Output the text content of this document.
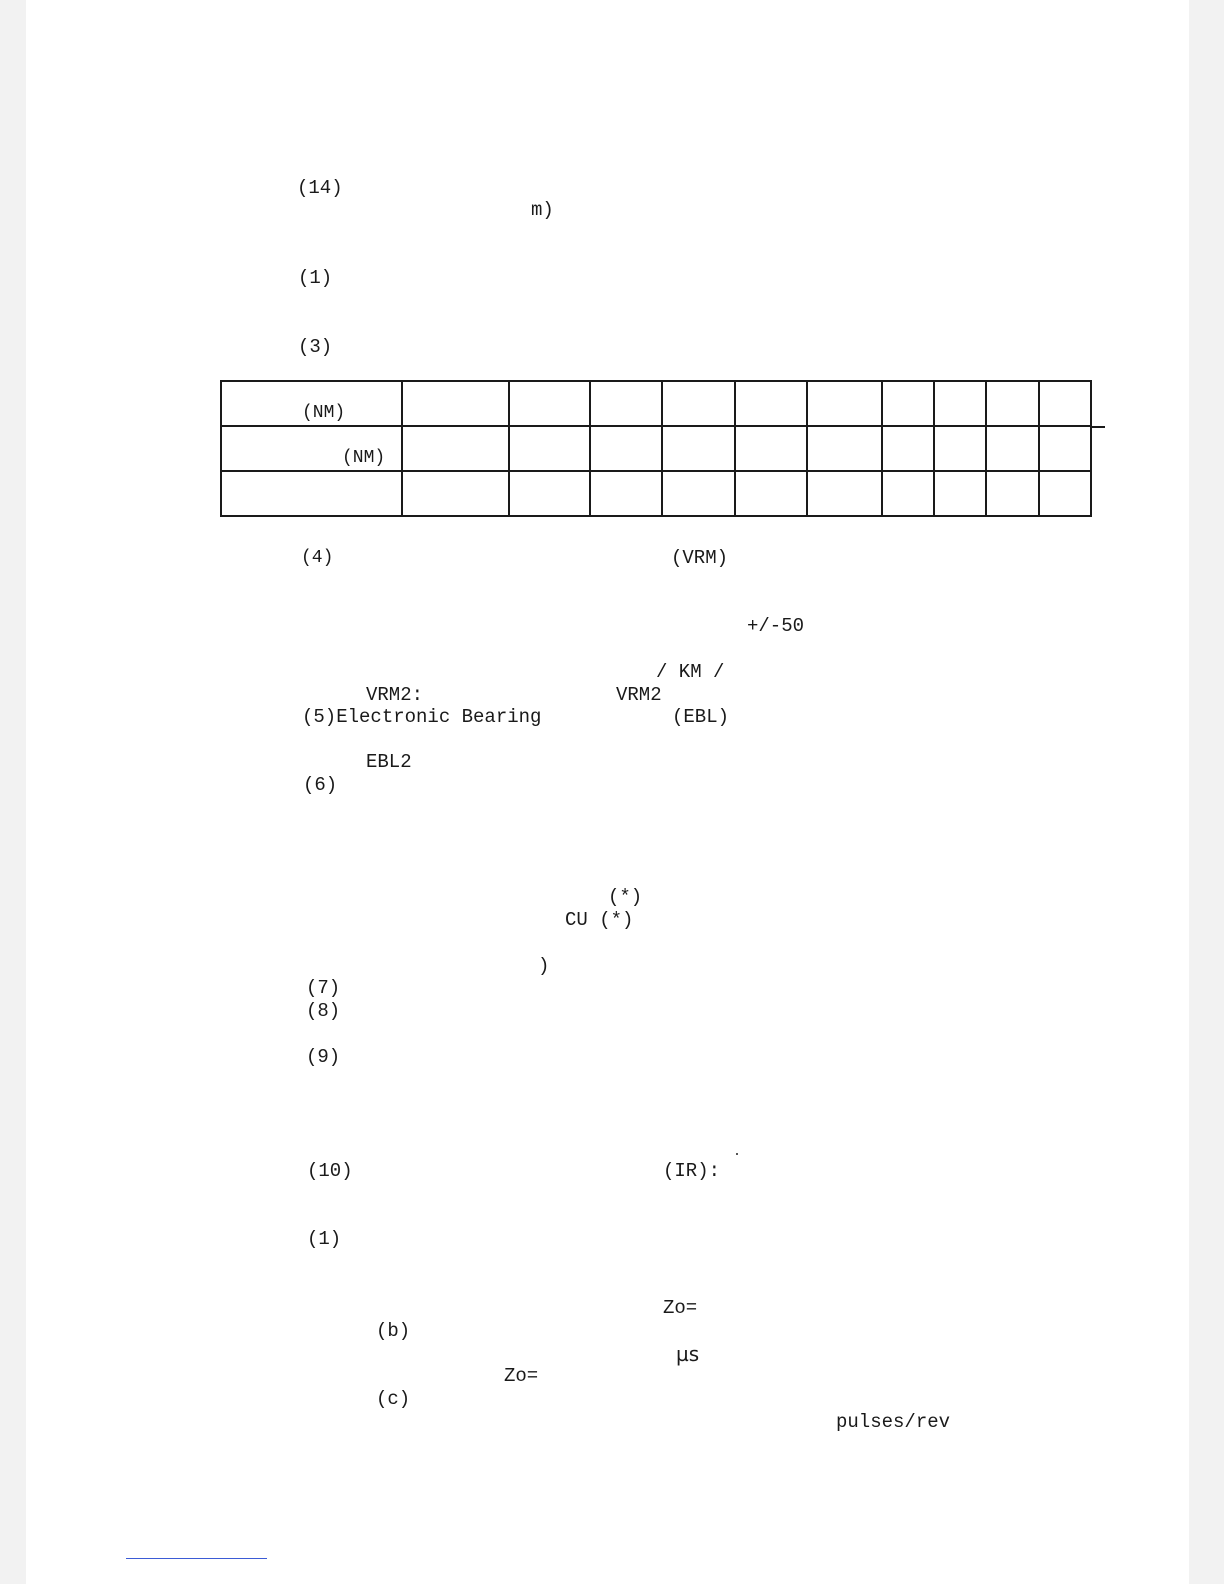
(14)
m)
(1)
(3)
(NM)										

(NM)										

(4)	(VRM)
+/-50
/ KM /
VRM2:	VRM2
(5)Electronic Bearing	(EBL)
EBL2
(6)
(*)
CU (*)
)
(7)
(8)
(9)
(10)	(IR):
(1)
Zo=
(b)
µs
Zo=
(c)
pulses/rev
